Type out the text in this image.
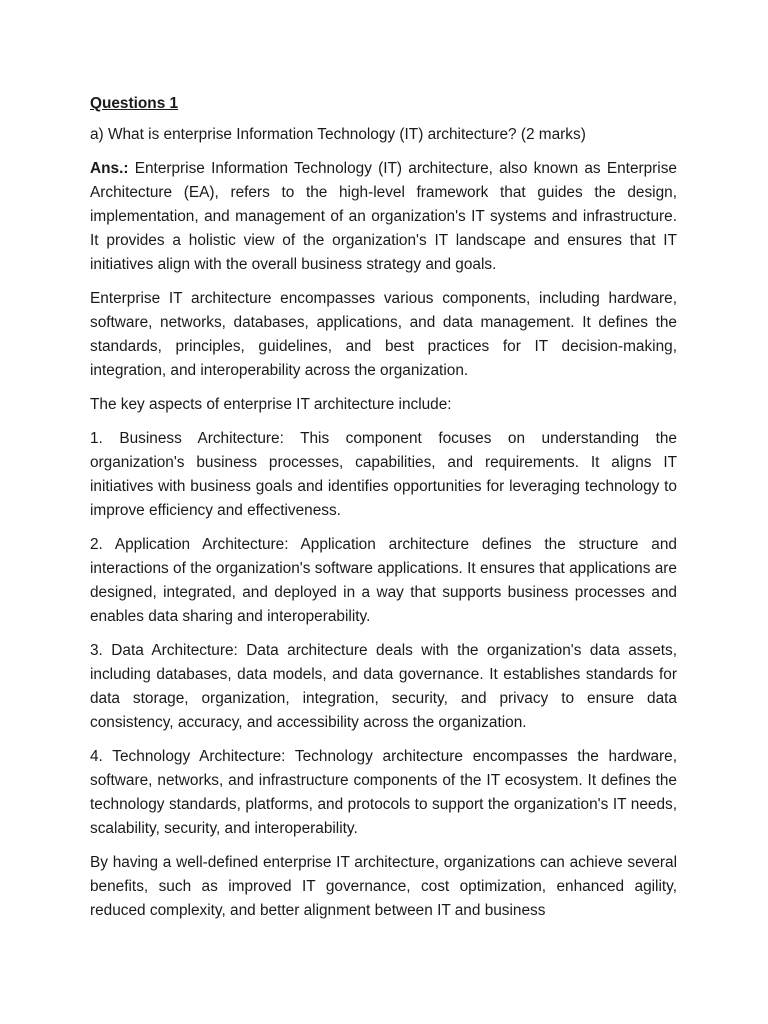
Questions 1

a) What is enterprise Information Technology (IT) architecture? (2 marks)

Ans.: Enterprise Information Technology (IT) architecture, also known as Enterprise Architecture (EA), refers to the high-level framework that guides the design, implementation, and management of an organization's IT systems and infrastructure. It provides a holistic view of the organization's IT landscape and ensures that IT initiatives align with the overall business strategy and goals.

Enterprise IT architecture encompasses various components, including hardware, software, networks, databases, applications, and data management. It defines the standards, principles, guidelines, and best practices for IT decision-making, integration, and interoperability across the organization.

The key aspects of enterprise IT architecture include:

1. Business Architecture: This component focuses on understanding the organization's business processes, capabilities, and requirements. It aligns IT initiatives with business goals and identifies opportunities for leveraging technology to improve efficiency and effectiveness.

2. Application Architecture: Application architecture defines the structure and interactions of the organization's software applications. It ensures that applications are designed, integrated, and deployed in a way that supports business processes and enables data sharing and interoperability.

3. Data Architecture: Data architecture deals with the organization's data assets, including databases, data models, and data governance. It establishes standards for data storage, organization, integration, security, and privacy to ensure data consistency, accuracy, and accessibility across the organization.

4. Technology Architecture: Technology architecture encompasses the hardware, software, networks, and infrastructure components of the IT ecosystem. It defines the technology standards, platforms, and protocols to support the organization's IT needs, scalability, security, and interoperability.

By having a well-defined enterprise IT architecture, organizations can achieve several benefits, such as improved IT governance, cost optimization, enhanced agility, reduced complexity, and better alignment between IT and business
